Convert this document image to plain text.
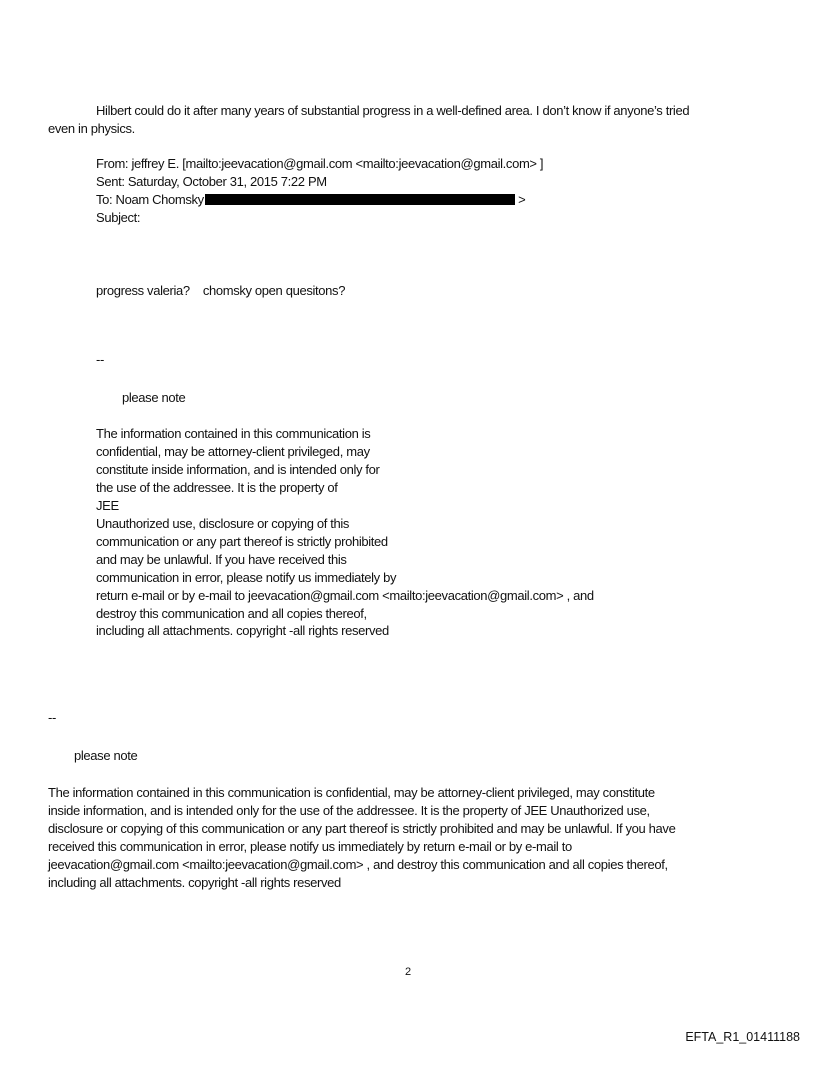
Hilbert could do it after many years of substantial progress in a well-defined area. I don’t know if anyone’s tried
even in physics.
From: jeffrey E. [mailto:jeevacation@gmail.com <mailto:jeevacation@gmail.com> ]
Sent: Saturday, October 31, 2015 7:22 PM
To: Noam Chomsky	>
Subject:
progress valeria?    chomsky open quesitons?
--
please note
The information contained in this communication is
confidential, may be attorney-client privileged, may
constitute inside information, and is intended only for
the use of the addressee. It is the property of
JEE
Unauthorized use, disclosure or copying of this
communication or any part thereof is strictly prohibited
and may be unlawful. If you have received this
communication in error, please notify us immediately by
return e-mail or by e-mail to jeevacation@gmail.com <mailto:jeevacation@gmail.com> , and
destroy this communication and all copies thereof,
including all attachments. copyright -all rights reserved
--
please note
The information contained in this communication is confidential, may be attorney-client privileged, may constitute
inside information, and is intended only for the use of the addressee. It is the property of JEE Unauthorized use,
disclosure or copying of this communication or any part thereof is strictly prohibited and may be unlawful. If you have
received this communication in error, please notify us immediately by return e-mail or by e-mail to
jeevacation@gmail.com <mailto:jeevacation@gmail.com> , and destroy this communication and all copies thereof,
including all attachments. copyright -all rights reserved
2
EFTA_R1_01411188
